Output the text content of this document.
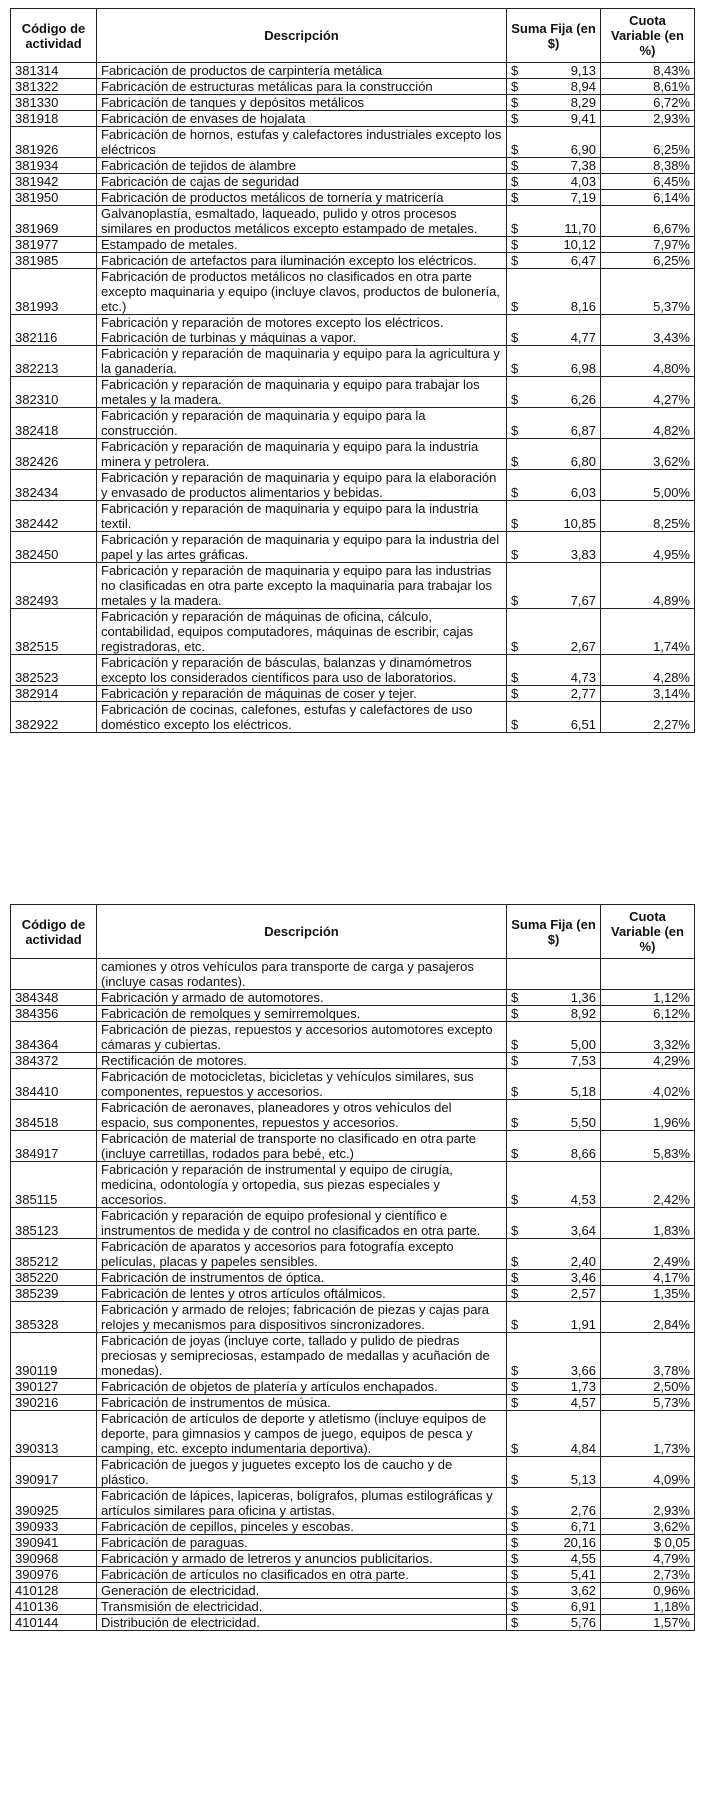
Código de actividad	Descripción	Suma Fija (en $)	Cuota Variable (en %)
381314	Fabricación de productos de carpintería metálica	$ 9,13	8,43%
381322	Fabricación de estructuras metálicas para la construcción	$ 8,94	8,61%
381330	Fabricación de tanques y depósitos metálicos	$ 8,29	6,72%
381918	Fabricación de envases de hojalata	$ 9,41	2,93%
381926	Fabricación de hornos, estufas y calefactores industriales excepto los eléctricos	$ 6,90	6,25%
381934	Fabricación de tejidos de alambre	$ 7,38	8,38%
381942	Fabricación de cajas de seguridad	$ 4,03	6,45%
381950	Fabricación de productos metálicos de tornería y matricería	$ 7,19	6,14%
381969	Galvanoplastía, esmaltado, laqueado, pulido y otros procesos similares en productos metálicos excepto estampado de metales.	$ 11,70	6,67%
381977	Estampado de metales.	$ 10,12	7,97%
381985	Fabricación de artefactos para iluminación excepto los eléctricos.	$ 6,47	6,25%
381993	Fabricación de productos metálicos no clasificados en otra parte excepto maquinaria y equipo (incluye clavos, productos de bulonería, etc.)	$ 8,16	5,37%
382116	Fabricación y reparación de motores excepto los eléctricos. Fabricación de turbinas y máquinas a vapor.	$ 4,77	3,43%
382213	Fabricación y reparación de maquinaria y equipo para la agricultura y la ganadería.	$ 6,98	4,80%
382310	Fabricación y reparación de maquinaria y equipo para trabajar los metales y la madera.	$ 6,26	4,27%
382418	Fabricación y reparación de maquinaria y equipo para la construcción.	$ 6,87	4,82%
382426	Fabricación y reparación de maquinaria y equipo para la industria minera y petrolera.	$ 6,80	3,62%
382434	Fabricación y reparación de maquinaria y equipo para la elaboración y envasado de productos alimentarios y bebidas.	$ 6,03	5,00%
382442	Fabricación y reparación de maquinaria y equipo para la industria textil.	$ 10,85	8,25%
382450	Fabricación y reparación de maquinaria y equipo para la industria del papel y las artes gráficas.	$ 3,83	4,95%
382493	Fabricación y reparación de maquinaria y equipo para las industrias no clasificadas en otra parte excepto la maquinaria para trabajar los metales y la madera.	$ 7,67	4,89%
382515	Fabricación y reparación de máquinas de oficina, cálculo, contabilidad, equipos computadores, máquinas de escribir, cajas registradoras, etc.	$ 2,67	1,74%
382523	Fabricación y reparación de básculas, balanzas y dinamómetros excepto los considerados científicos para uso de laboratorios.	$ 4,73	4,28%
382914	Fabricación y reparación de máquinas de coser y tejer.	$ 2,77	3,14%
382922	Fabricación de cocinas, calefones, estufas y calefactores de uso doméstico excepto los eléctricos.	$ 6,51	2,27%
Código de actividad	Descripción	Suma Fija (en $)	Cuota Variable (en %)
	camiones y otros vehículos para transporte de carga y pasajeros (incluye casas rodantes).	

384348	Fabricación y armado de automotores.	$ 1,36	1,12%
384356	Fabricación de remolques y semirremolques.	$ 8,92	6,12%
384364	Fabricación de piezas, repuestos y accesorios automotores excepto cámaras y cubiertas.	$ 5,00	3,32%
384372	Rectificación de motores.	$ 7,53	4,29%
384410	Fabricación de motocicletas, bicicletas y vehículos similares, sus componentes, repuestos y accesorios.	$ 5,18	4,02%
384518	Fabricación de aeronaves, planeadores y otros vehículos del espacio, sus componentes, repuestos y accesorios.	$ 5,50	1,96%
384917	Fabricación de material de transporte no clasificado en otra parte (incluye carretillas, rodados para bebé, etc.)	$ 8,66	5,83%
385115	Fabricación y reparación de instrumental y equipo de cirugía, medicina, odontología y ortopedia, sus piezas especiales y accesorios.	$ 4,53	2,42%
385123	Fabricación y reparación de equipo profesional y científico e instrumentos de medida y de control no clasificados en otra parte.	$ 3,64	1,83%
385212	Fabricación de aparatos y accesorios para fotografía excepto películas, placas y papeles sensibles.	$ 2,40	2,49%
385220	Fabricación de instrumentos de óptica.	$ 3,46	4,17%
385239	Fabricación de lentes y otros artículos oftálmicos.	$ 2,57	1,35%
385328	Fabricación y armado de relojes; fabricación de piezas y cajas para relojes y mecanismos para dispositivos sincronizadores.	$ 1,91	2,84%
390119	Fabricación de joyas (incluye corte, tallado y pulido de piedras preciosas y semipreciosas, estampado de medallas y acuñación de monedas).	$ 3,66	3,78%
390127	Fabricación de objetos de platería y artículos enchapados.	$ 1,73	2,50%
390216	Fabricación de instrumentos de música.	$ 4,57	5,73%
390313	Fabricación de artículos de deporte y atletismo (incluye equipos de deporte, para gimnasios y campos de juego, equipos de pesca y camping, etc. excepto indumentaria deportiva).	$ 4,84	1,73%
390917	Fabricación de juegos y juguetes excepto los de caucho y de plástico.	$ 5,13	4,09%
390925	Fabricación de lápices, lapiceras, bolígrafos, plumas estilográficas y artículos similares para oficina y artistas.	$ 2,76	2,93%
390933	Fabricación de cepillos, pinceles y escobas.	$ 6,71	3,62%
390941	Fabricación de paraguas.	$ 20,16	$ 0,05
390968	Fabricación y armado de letreros y anuncios publicitarios.	$ 4,55	4,79%
390976	Fabricación de artículos no clasificados en otra parte.	$ 5,41	2,73%
410128	Generación de electricidad.	$ 3,62	0,96%
410136	Transmisión de electricidad.	$ 6,91	1,18%
410144	Distribución de electricidad.	$ 5,76	1,57%
